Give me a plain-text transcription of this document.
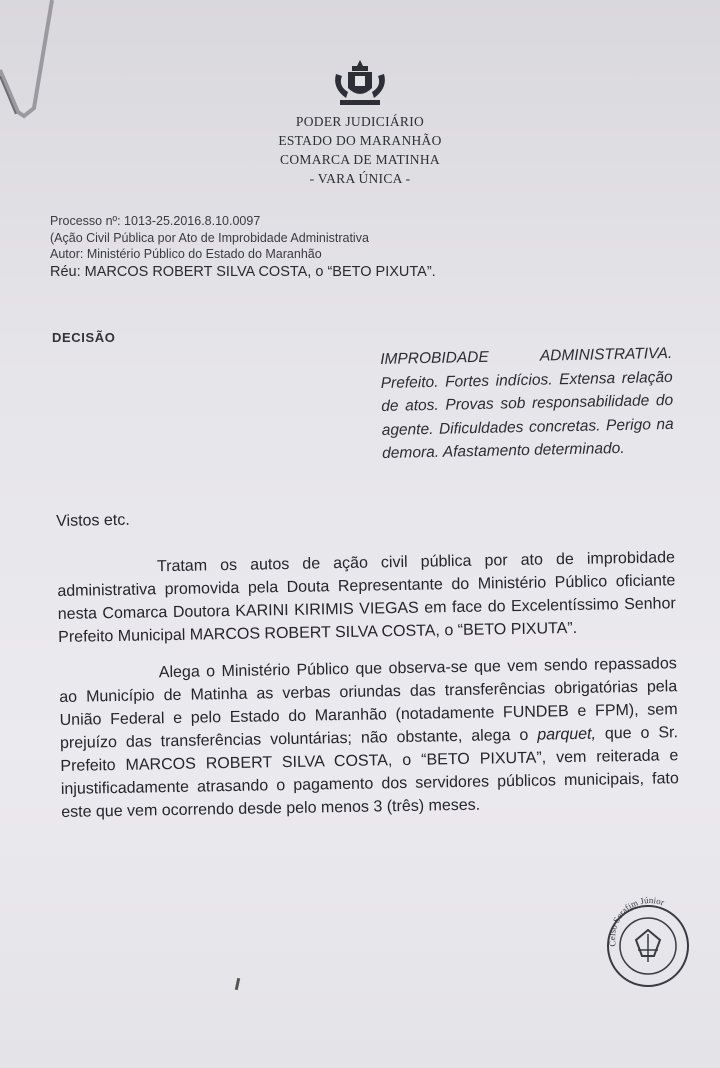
PODER JUDICIÁRIO
ESTADO DO MARANHÃO
COMARCA DE MATINHA
- VARA ÚNICA -
Processo nº: 1013-25.2016.8.10.0097
(Ação Civil Pública por Ato de Improbidade Administrativa
Autor: Ministério Público do Estado do Maranhão
Réu: MARCOS ROBERT SILVA COSTA, o “BETO PIXUTA”.
DECISÃO
IMPROBIDADE ADMINISTRATIVA. Prefeito. Fortes indícios. Extensa relação de atos. Provas sob responsabilidade do agente. Dificuldades concretas. Perigo na demora. Afastamento determinado.

Vistos etc.

Tratam os autos de ação civil pública por ato de improbidade administrativa promovida pela Douta Representante do Ministério Público oficiante nesta Comarca Doutora KARINI KIRIMIS VIEGAS em face do Excelentíssimo Senhor Prefeito Municipal MARCOS ROBERT SILVA COSTA, o “BETO PIXUTA”.

Alega o Ministério Público que observa-se que vem sendo repassados ao Município de Matinha as verbas oriundas das transferências obrigatórias pela União Federal e pelo Estado do Maranhão (notadamente FUNDEB e FPM), sem prejuízo das transferências voluntárias; não obstante, alega o parquet, que o Sr. Prefeito MARCOS ROBERT SILVA COSTA, o “BETO PIXUTA”, vem reiterada e injustificadamente atrasando o pagamento dos servidores públicos municipais, fato este que vem ocorrendo desde pelo menos 3 (três) meses.

Celso Serafim Júnior
